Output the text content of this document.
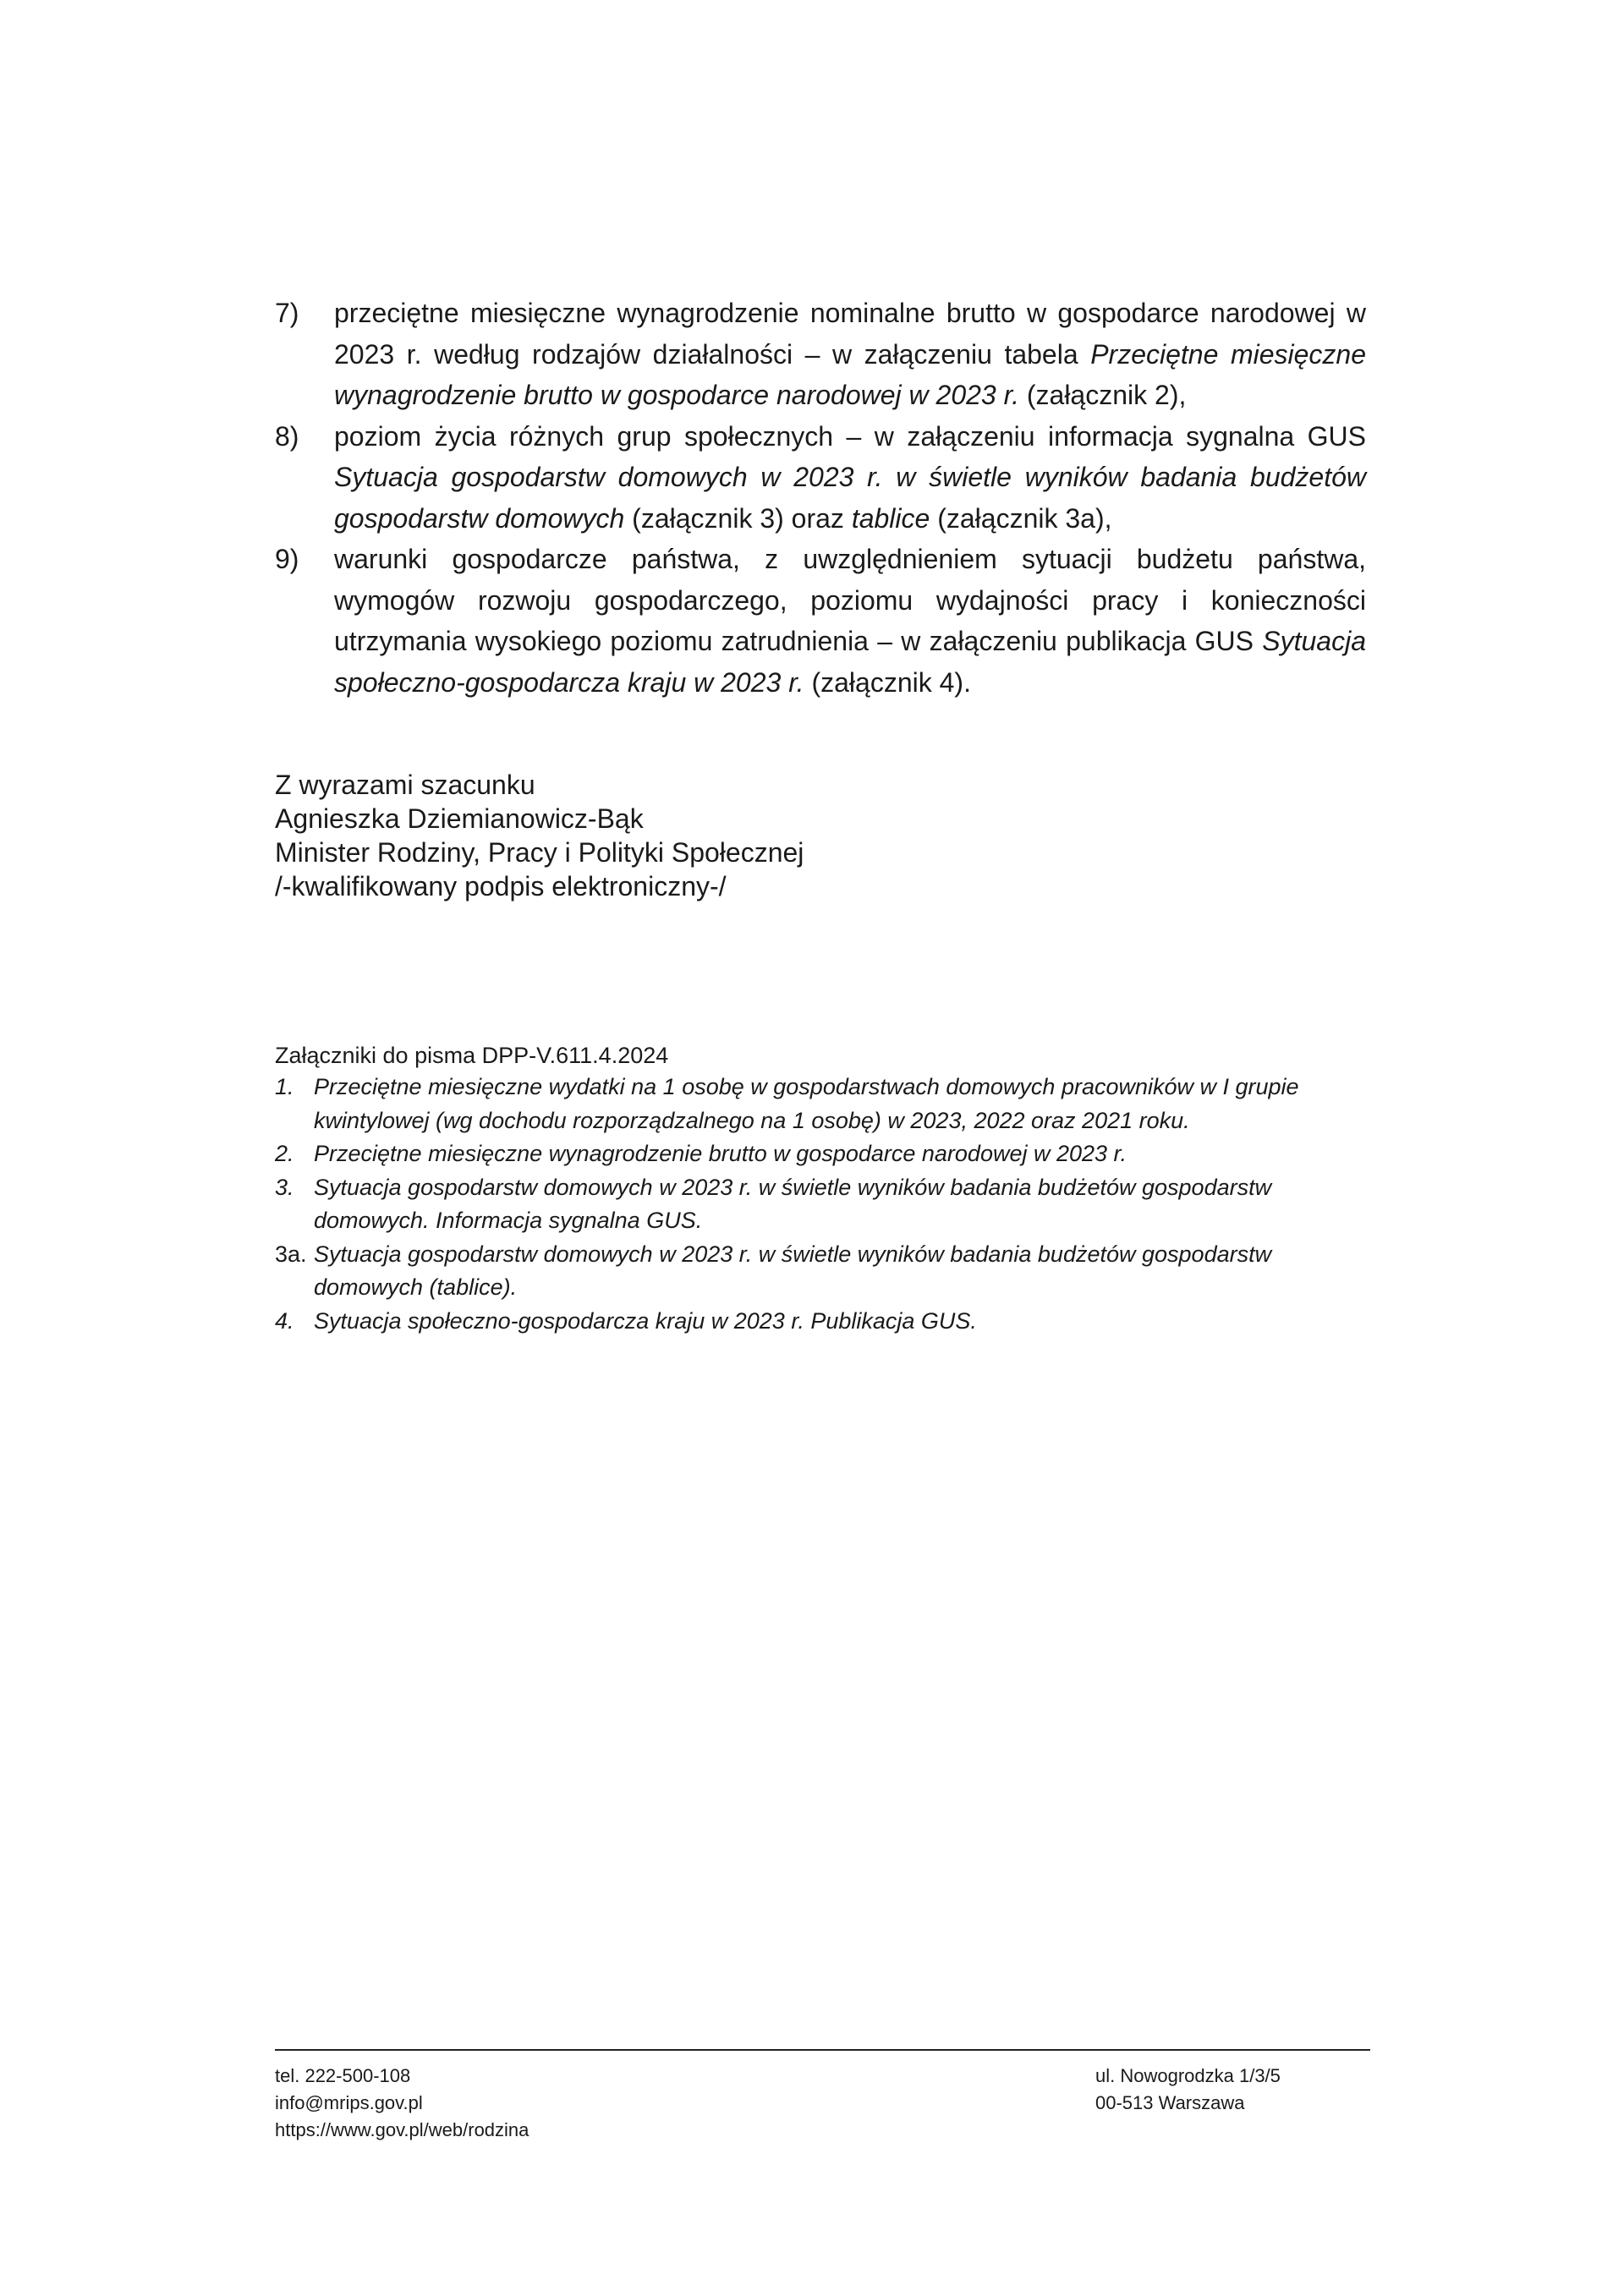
7) przeciętne miesięczne wynagrodzenie nominalne brutto w gospodarce narodowej w 2023 r. według rodzajów działalności – w załączeniu tabela Przeciętne miesięczne wynagrodzenie brutto w gospodarce narodowej w 2023 r. (załącznik 2),
8) poziom życia różnych grup społecznych – w załączeniu informacja sygnalna GUS Sytuacja gospodarstw domowych w 2023 r. w świetle wyników badania budżetów gospodarstw domowych (załącznik 3) oraz tablice (załącznik 3a),
9) warunki gospodarcze państwa, z uwzględnieniem sytuacji budżetu państwa, wymogów rozwoju gospodarczego, poziomu wydajności pracy i konieczności utrzymania wysokiego poziomu zatrudnienia – w załączeniu publikacja GUS Sytuacja społeczno-gospodarcza kraju w 2023 r. (załącznik 4).
Z wyrazami szacunku
Agnieszka Dziemianowicz-Bąk
Minister Rodziny, Pracy i Polityki Społecznej
/-kwalifikowany podpis elektroniczny-/
Załączniki do pisma DPP-V.611.4.2024
1. Przeciętne miesięczne wydatki na 1 osobę w gospodarstwach domowych pracowników w I grupie kwintylowej (wg dochodu rozporządzalnego na 1 osobę) w 2023, 2022 oraz 2021 roku.
2. Przeciętne miesięczne wynagrodzenie brutto w gospodarce narodowej w 2023 r.
3. Sytuacja gospodarstw domowych w 2023 r. w świetle wyników badania budżetów gospodarstw domowych. Informacja sygnalna GUS.
3a. Sytuacja gospodarstw domowych w 2023 r. w świetle wyników badania budżetów gospodarstw domowych (tablice).
4. Sytuacja społeczno-gospodarcza kraju w 2023 r. Publikacja GUS.
tel. 222-500-108
info@mrips.gov.pl
https://www.gov.pl/web/rodzina
ul. Nowogrodzka 1/3/5
00-513 Warszawa
